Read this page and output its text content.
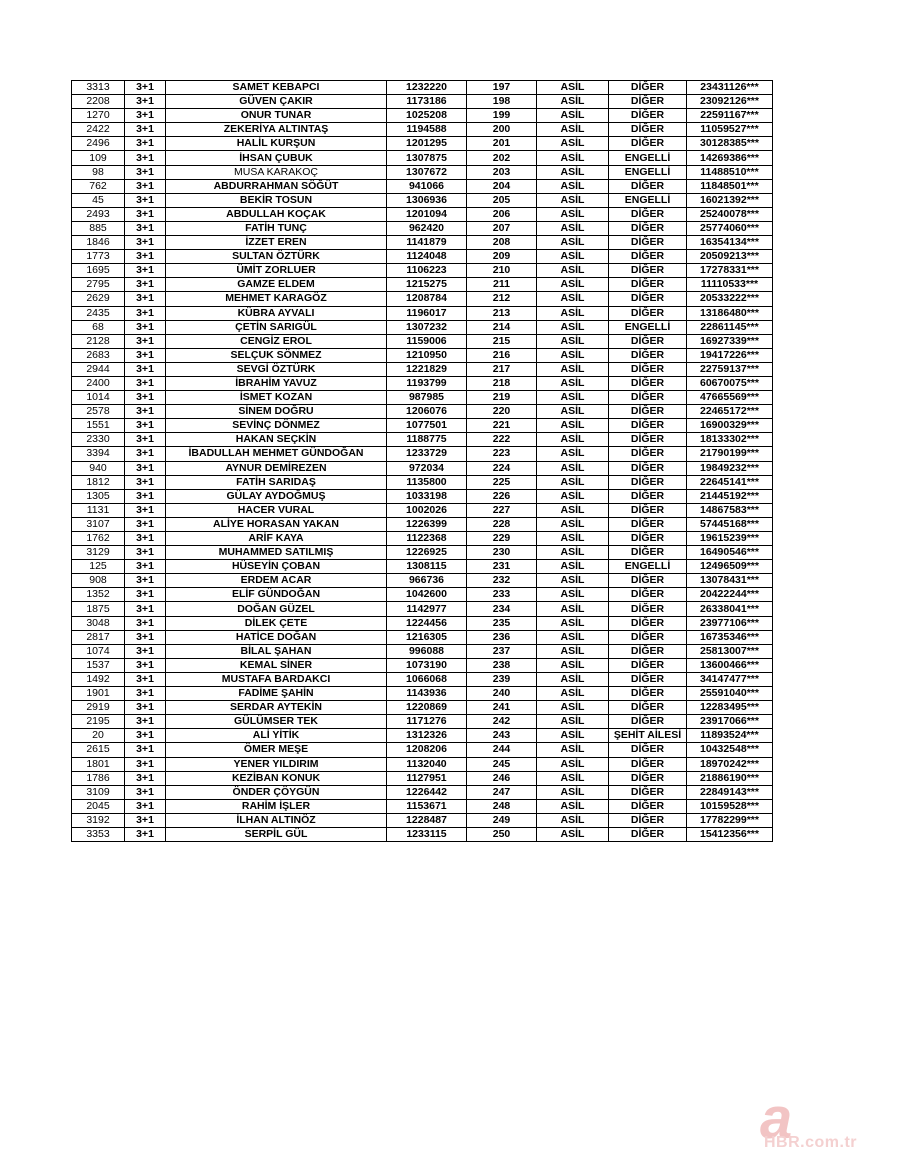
3313	3+1	SAMET KEBAPCI	1232220	197	ASİL	DİĞER	23431126***
2208	3+1	GÜVEN ÇAKIR	1173186	198	ASİL	DİĞER	23092126***
1270	3+1	ONUR TUNAR	1025208	199	ASİL	DİĞER	22591167***
2422	3+1	ZEKERİYA ALTINTAŞ	1194588	200	ASİL	DİĞER	11059527***
2496	3+1	HALİL KURŞUN	1201295	201	ASİL	DİĞER	30128385***
109	3+1	İHSAN ÇUBUK	1307875	202	ASİL	ENGELLİ	14269386***
98	3+1	MUSA KARAKOÇ	1307672	203	ASİL	ENGELLİ	11488510***
762	3+1	ABDURRAHMAN SÖĞÜT	941066	204	ASİL	DİĞER	11848501***
45	3+1	BEKİR TOSUN	1306936	205	ASİL	ENGELLİ	16021392***
2493	3+1	ABDULLAH KOÇAK	1201094	206	ASİL	DİĞER	25240078***
885	3+1	FATİH TUNÇ	962420	207	ASİL	DİĞER	25774060***
1846	3+1	İZZET EREN	1141879	208	ASİL	DİĞER	16354134***
1773	3+1	SULTAN ÖZTÜRK	1124048	209	ASİL	DİĞER	20509213***
1695	3+1	ÜMİT ZORLUER	1106223	210	ASİL	DİĞER	17278331***
2795	3+1	GAMZE ELDEM	1215275	211	ASİL	DİĞER	11110533***
2629	3+1	MEHMET KARAGÖZ	1208784	212	ASİL	DİĞER	20533222***
2435	3+1	KÜBRA AYVALI	1196017	213	ASİL	DİĞER	13186480***
68	3+1	ÇETİN SARIGÜL	1307232	214	ASİL	ENGELLİ	22861145***
2128	3+1	CENGİZ EROL	1159006	215	ASİL	DİĞER	16927339***
2683	3+1	SELÇUK SÖNMEZ	1210950	216	ASİL	DİĞER	19417226***
2944	3+1	SEVGİ ÖZTÜRK	1221829	217	ASİL	DİĞER	22759137***
2400	3+1	İBRAHİM YAVUZ	1193799	218	ASİL	DİĞER	60670075***
1014	3+1	İSMET KOZAN	987985	219	ASİL	DİĞER	47665569***
2578	3+1	SİNEM DOĞRU	1206076	220	ASİL	DİĞER	22465172***
1551	3+1	SEVİNÇ DÖNMEZ	1077501	221	ASİL	DİĞER	16900329***
2330	3+1	HAKAN SEÇKİN	1188775	222	ASİL	DİĞER	18133302***
3394	3+1	İBADULLAH MEHMET GÜNDOĞAN	1233729	223	ASİL	DİĞER	21790199***
940	3+1	AYNUR DEMİREZEN	972034	224	ASİL	DİĞER	19849232***
1812	3+1	FATİH SARIDAŞ	1135800	225	ASİL	DİĞER	22645141***
1305	3+1	GÜLAY AYDOĞMUŞ	1033198	226	ASİL	DİĞER	21445192***
1131	3+1	HACER VURAL	1002026	227	ASİL	DİĞER	14867583***
3107	3+1	ALİYE HORASAN YAKAN	1226399	228	ASİL	DİĞER	57445168***
1762	3+1	ARİF KAYA	1122368	229	ASİL	DİĞER	19615239***
3129	3+1	MUHAMMED SATILMIŞ	1226925	230	ASİL	DİĞER	16490546***
125	3+1	HÜSEYİN ÇOBAN	1308115	231	ASİL	ENGELLİ	12496509***
908	3+1	ERDEM ACAR	966736	232	ASİL	DİĞER	13078431***
1352	3+1	ELİF GÜNDOĞAN	1042600	233	ASİL	DİĞER	20422244***
1875	3+1	DOĞAN GÜZEL	1142977	234	ASİL	DİĞER	26338041***
3048	3+1	DİLEK ÇETE	1224456	235	ASİL	DİĞER	23977106***
2817	3+1	HATİCE DOĞAN	1216305	236	ASİL	DİĞER	16735346***
1074	3+1	BİLAL ŞAHAN	996088	237	ASİL	DİĞER	25813007***
1537	3+1	KEMAL SİNER	1073190	238	ASİL	DİĞER	13600466***
1492	3+1	MUSTAFA BARDAKCI	1066068	239	ASİL	DİĞER	34147477***
1901	3+1	FADİME ŞAHİN	1143936	240	ASİL	DİĞER	25591040***
2919	3+1	SERDAR AYTEKİN	1220869	241	ASİL	DİĞER	12283495***
2195	3+1	GÜLÜMSER TEK	1171276	242	ASİL	DİĞER	23917066***
20	3+1	ALİ YİTİK	1312326	243	ASİL	ŞEHİT AİLESİ	11893524***
2615	3+1	ÖMER MEŞE	1208206	244	ASİL	DİĞER	10432548***
1801	3+1	YENER YILDIRIM	1132040	245	ASİL	DİĞER	18970242***
1786	3+1	KEZİBAN KONUK	1127951	246	ASİL	DİĞER	21886190***
3109	3+1	ÖNDER ÇÖYGÜN	1226442	247	ASİL	DİĞER	22849143***
2045	3+1	RAHİM İŞLER	1153671	248	ASİL	DİĞER	10159528***
3192	3+1	İLHAN ALTINÖZ	1228487	249	ASİL	DİĞER	17782299***
3353	3+1	SERPİL GÜL	1233115	250	ASİL	DİĞER	15412356***
a
HBR.com.tr
